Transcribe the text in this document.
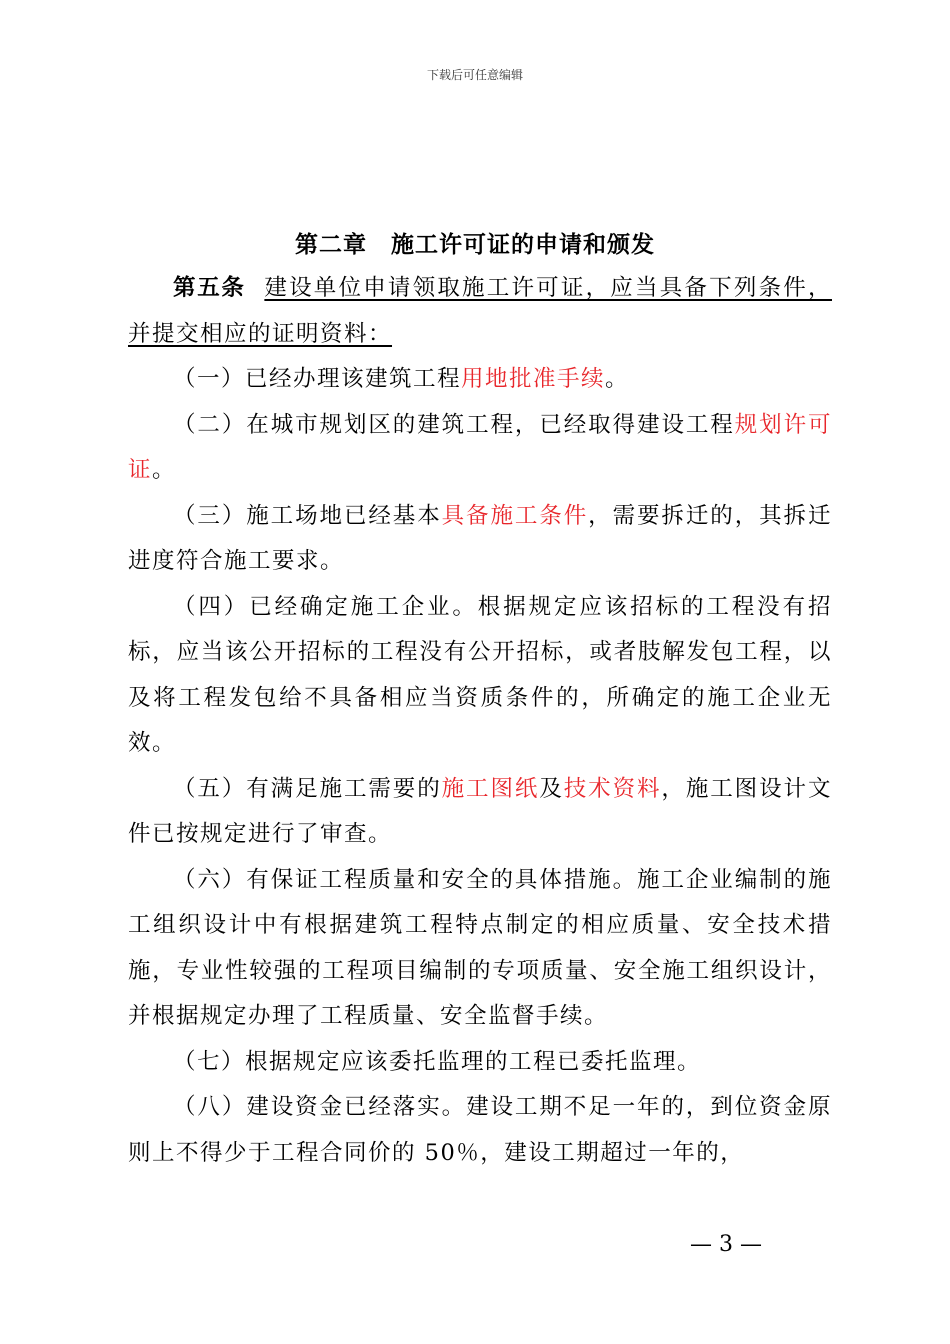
下载后可任意编辑
第二章　施工许可证的申请和颁发

第五条 建设单位申请领取施工许可证，应当具备下列条件，并提交相应的证明资料：

（一）已经办理该建筑工程用地批准手续。

（二）在城市规划区的建筑工程，已经取得建设工程规划许可证。

（三）施工场地已经基本具备施工条件，需要拆迁的，其拆迁进度符合施工要求。

（四）已经确定施工企业。根据规定应该招标的工程没有招标，应当该公开招标的工程没有公开招标，或者肢解发包工程，以及将工程发包给不具备相应当资质条件的，所确定的施工企业无效。

（五）有满足施工需要的施工图纸及技术资料，施工图设计文件已按规定进行了审查。

（六）有保证工程质量和安全的具体措施。施工企业编制的施工组织设计中有根据建筑工程特点制定的相应质量、安全技术措施，专业性较强的工程项目编制的专项质量、安全施工组织设计，并根据规定办理了工程质量、安全监督手续。

（七）根据规定应该委托监理的工程已委托监理。

（八）建设资金已经落实。建设工期不足一年的，到位资金原则上不得少于工程合同价的 50％，建设工期超过一年的，

— 3 —
